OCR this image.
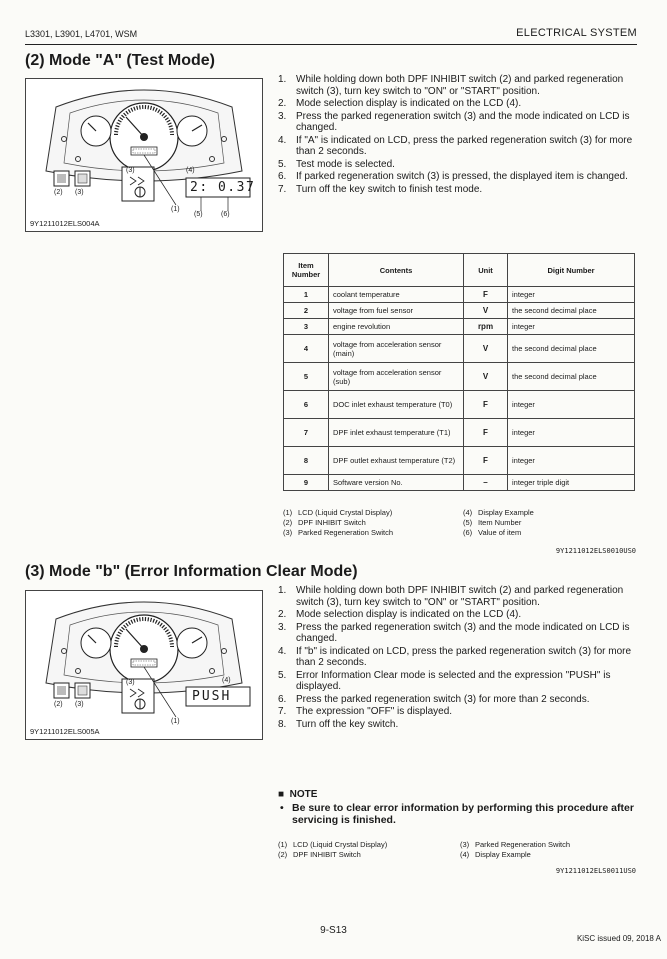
L3301, L3901, L4701, WSM	ELECTRICAL SYSTEM
(2) Mode "A" (Test Mode)
(3)
(2) (3)
(1)
(4)
(5)	(6)
2: 0.37
9Y1211012ELS004A
1. While holding down both DPF INHIBIT switch (2) and parked regeneration switch (3), turn key switch to "ON" or "START" position.
2. Mode selection display is indicated on the LCD (4).
3. Press the parked regeneration switch (3) and the mode indicated on LCD is changed.
4. If "A" is indicated on LCD, press the parked regeneration switch (3) for more than 2 seconds.
5. Test mode is selected.
6. If parked regeneration switch (3) is pressed, the displayed item is changed.
7. Turn off the key switch to finish test mode.
Item Number	Contents	Unit	Digit Number
1	coolant temperature	F	integer
2	voltage from fuel sensor	V	the second decimal place
3	engine revolution	rpm	integer
4	voltage from acceleration sensor (main)	V	the second decimal place
5	voltage from acceleration sensor (sub)	V	the second decimal place
6	DOC inlet exhaust temperature (T0)	F	integer
7	DPF inlet exhaust temperature (T1)	F	integer
8	DPF outlet exhaust temperature (T2)	F	integer
9	Software version No.	–	integer triple digit
(1) LCD (Liquid Crystal Display)
(2) DPF INHIBIT Switch
(3) Parked Regeneration Switch
(4) Display Example
(5) Item Number
(6) Value of item
9Y1211012ELS0010US0
(3) Mode "b" (Error Information Clear Mode)
(3)
(2) (3)
(1)
(4)
PUSH
9Y1211012ELS005A
1. While holding down both DPF INHIBIT switch (2) and parked regeneration switch (3), turn key switch to "ON" or "START" position.
2. Mode selection display is indicated on the LCD (4).
3. Press the parked regeneration switch (3) and the mode indicated on LCD is changed.
4. If "b" is indicated on LCD, press the parked regeneration switch (3) for more than 2 seconds.
5. Error Information Clear mode is selected and the expression "PUSH" is displayed.
6. Press the parked regeneration switch (3) for more than 2 seconds.
7. The expression "OFF" is displayed.
8. Turn off the key switch.
■  NOTE
• Be sure to clear error information by performing this procedure after servicing is finished.
(1) LCD (Liquid Crystal Display)
(2) DPF INHIBIT Switch
(3) Parked Regeneration Switch
(4) Display Example
9Y1211012ELS0011US0
9-S13
KiSC issued 09, 2018 A
